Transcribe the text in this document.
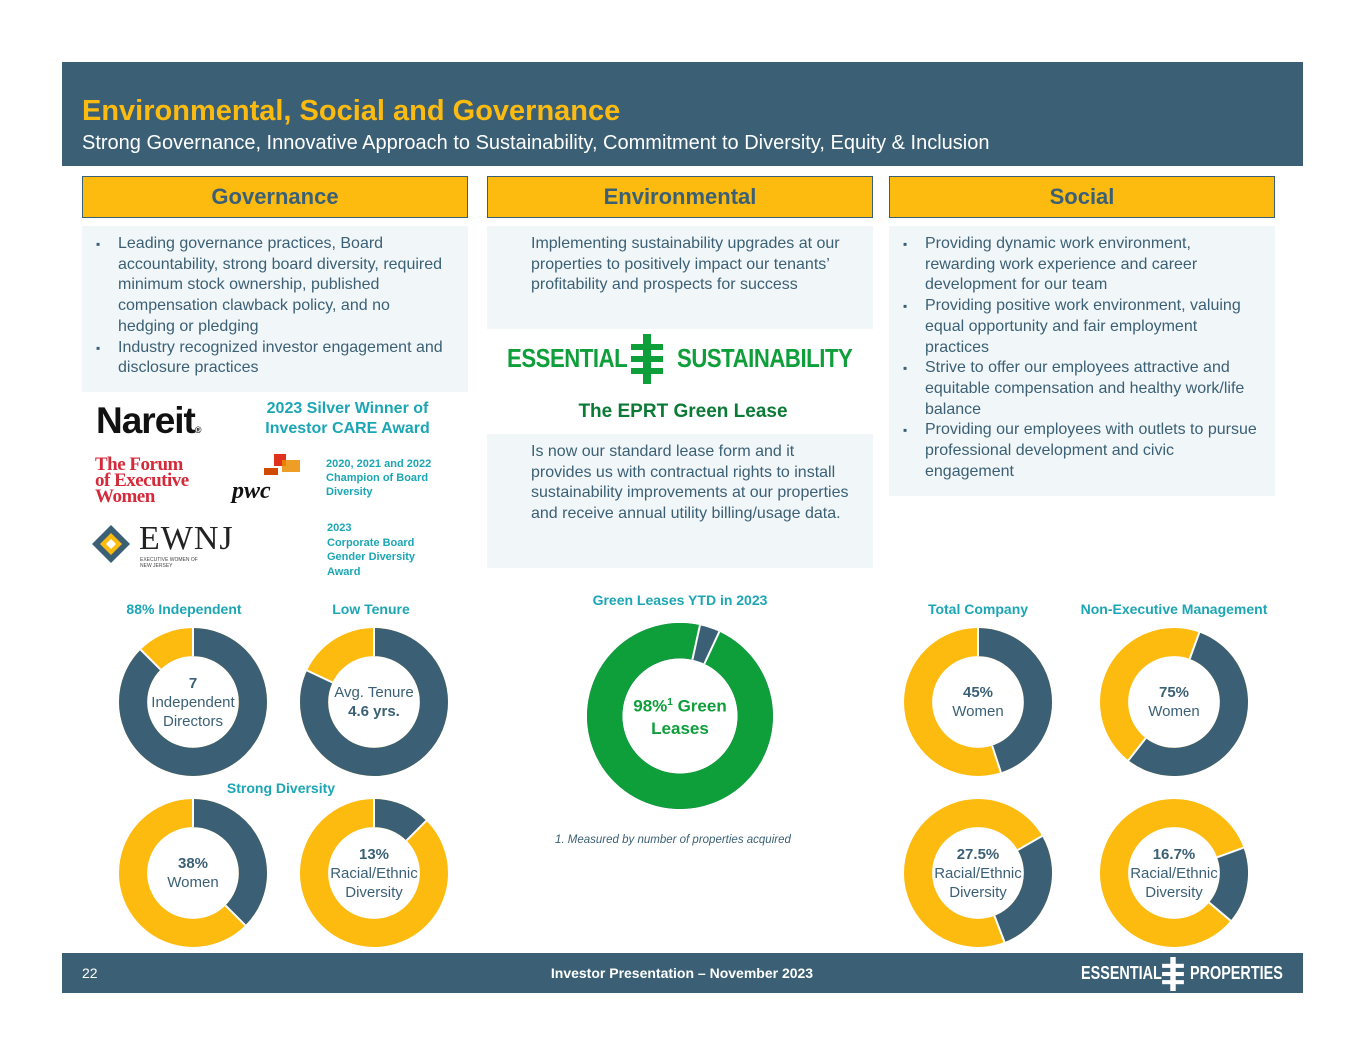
Environmental, Social and Governance
Strong Governance, Innovative Approach to Sustainability, Commitment to Diversity, Equity & Inclusion
Governance	Environmental	Social
▪ Leading governance practices, Board accountability, strong board diversity, required minimum stock ownership, published compensation clawback policy, and no hedging or pledging
▪ Industry recognized investor engagement and disclosure practices
Nareit®
2023 Silver Winner of Investor CARE Award
The Forum
of Executive
Women	pwc
2020, 2021 and 2022 Champion of Board Diversity
EWNJ
EXECUTIVE WOMEN OF NEW JERSEY
2023
Corporate Board
Gender Diversity
Award
88% Independent	Low Tenure
Strong Diversity
7
Independent
Directors
Avg. Tenure
4.6 yrs.
38%
Women
13%
Racial/Ethnic
Diversity
Implementing sustainability upgrades at our properties to positively impact our tenants’ profitability and prospects for success
ESSENTIAL SUSTAINABILITY
The EPRT Green Lease
Is now our standard lease form and it provides us with contractual rights to install sustainability improvements at our properties and receive annual utility billing/usage data.
Green Leases YTD in 2023
98%$^1$ Green
Leases
1. Measured by number of properties acquired
▪ Providing dynamic work environment, rewarding work experience and career development for our team
▪ Providing positive work environment, valuing equal opportunity and fair employment practices
▪ Strive to offer our employees attractive and equitable compensation and healthy work/life balance
▪ Providing our employees with outlets to pursue professional development and civic engagement
Total Company	Non-Executive Management
45%
Women
75%
Women
27.5%
Racial/Ethnic
Diversity
16.7%
Racial/Ethnic
Diversity
22	Investor Presentation – November 2023	ESSENTIAL PROPERTIES
